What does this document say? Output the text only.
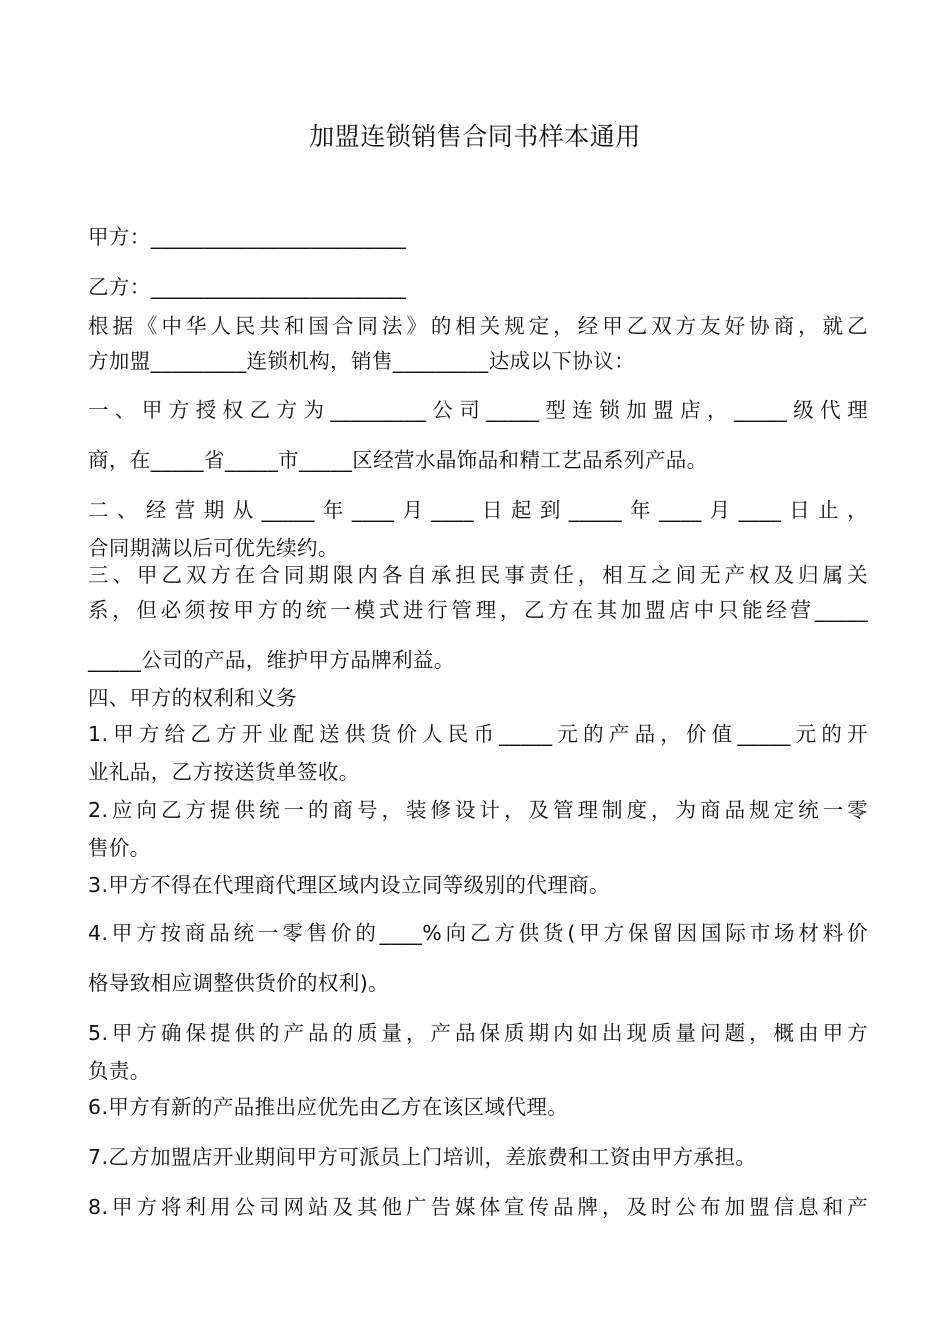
加盟连锁销售合同书样本通用
甲方：________________________
乙方：________________________
根据《中华人民共和国合同法》的相关规定，经甲乙双方友好协商，就乙
方加盟_________连锁机构，销售_________达成以下协议：
一、甲方授权乙方为_________公司_____型连锁加盟店，_____级代理
商，在_____省_____市_____区经营水晶饰品和精工艺品系列产品。
二、经营期从_____年____月____日起到_____年____月____日止，
合同期满以后可优先续约。
三、甲乙双方在合同期限内各自承担民事责任，相互之间无产权及归属关
系，但必须按甲方的统一模式进行管理，乙方在其加盟店中只能经营_____
_____公司的产品，维护甲方品牌利益。
四、甲方的权利和义务
1.甲方给乙方开业配送供货价人民币_____元的产品，价值_____元的开
业礼品，乙方按送货单签收。
2.应向乙方提供统一的商号，装修设计，及管理制度，为商品规定统一零
售价。
3.甲方不得在代理商代理区域内设立同等级别的代理商。
4.甲方按商品统一零售价的____%向乙方供货(甲方保留因国际市场材料价
格导致相应调整供货价的权利)。
5.甲方确保提供的产品的质量，产品保质期内如出现质量问题，概由甲方
负责。
6.甲方有新的产品推出应优先由乙方在该区域代理。
7.乙方加盟店开业期间甲方可派员上门培训，差旅费和工资由甲方承担。
8.甲方将利用公司网站及其他广告媒体宣传品牌，及时公布加盟信息和产
